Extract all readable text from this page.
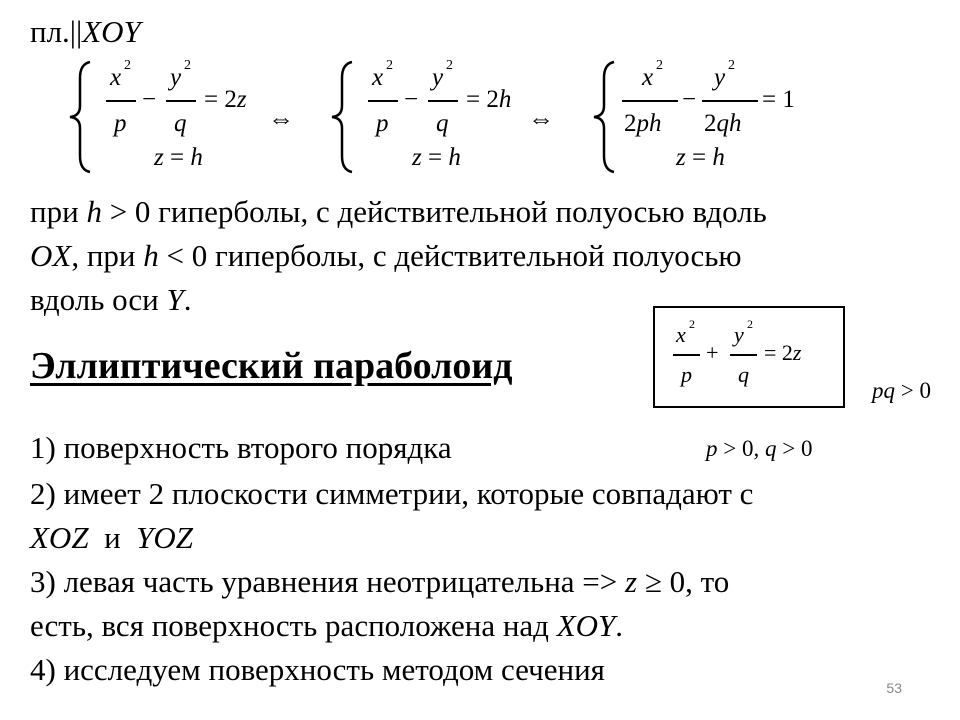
пл.||XOY
x 2
p
−
y 2
q
= 2z
z = h
⇔
x 2
p
−
y 2
q
= 2h
z = h
⇔
x 2
2ph
−
y 2
2qh
= 1
z = h
при h > 0 гиперболы, с действительной полуосью вдоль
OX, при h < 0 гиперболы, с действительной полуосью
вдоль оси Y.
Эллиптический параболоид
x 2
p
+
y 2
q
= 2z
pq > 0
p > 0, q > 0
1) поверхность второго порядка
2) имеет 2 плоскости симметрии, которые совпадают с
XOZ  и  YOZ
3) левая часть уравнения неотрицательна => z ≥ 0, то
есть, вся поверхность расположена над XOY.
4) исследуем поверхность методом сечения
53
